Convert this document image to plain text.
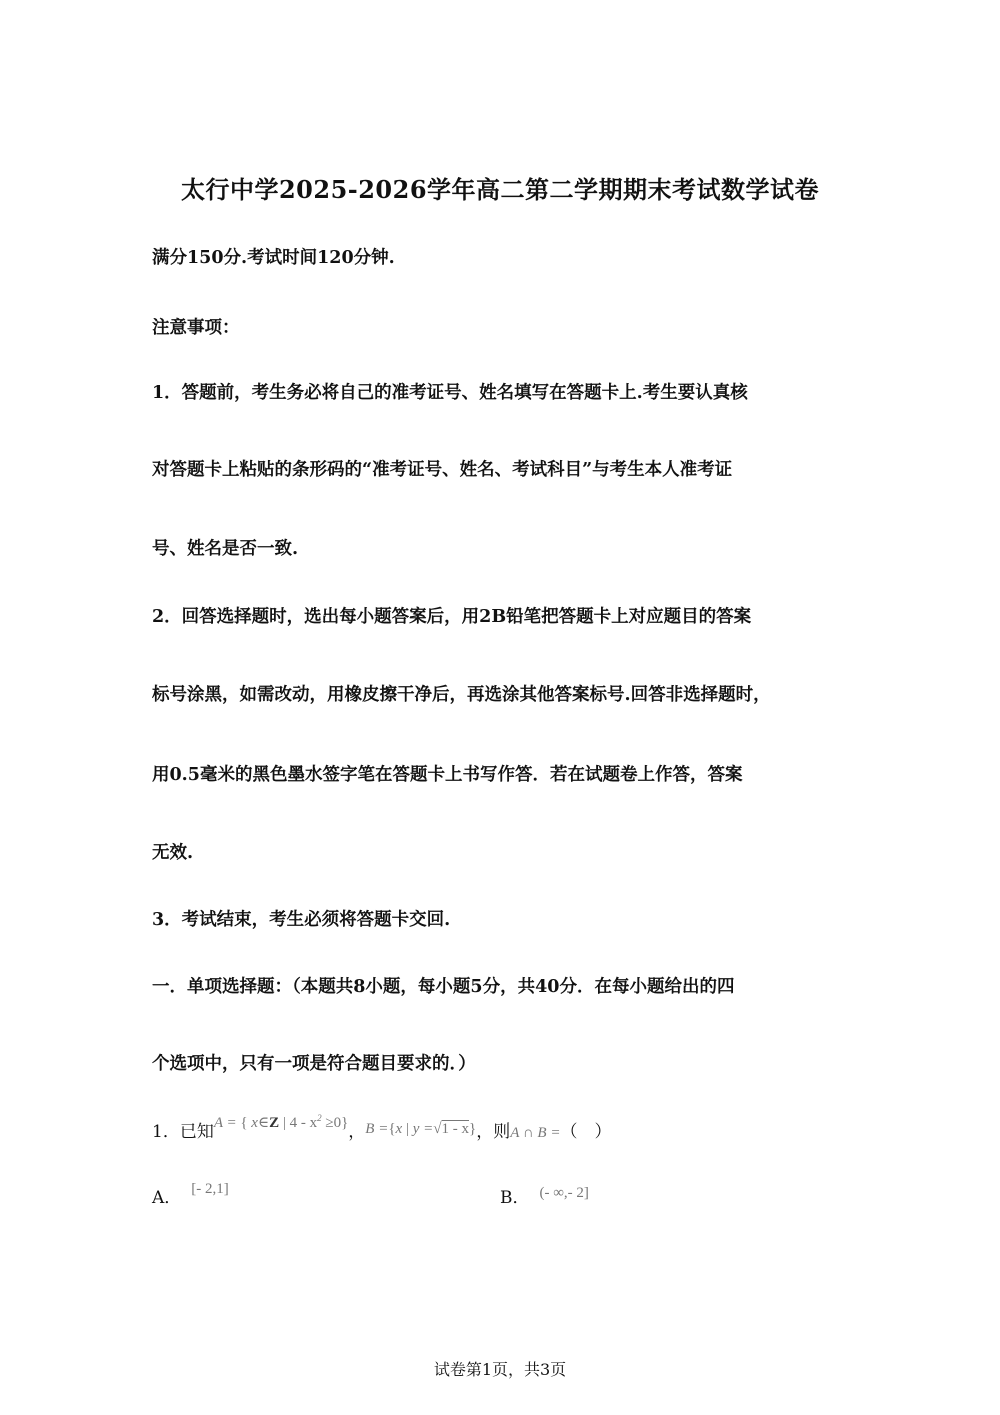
太行中学2025-2026学年高二第二学期期末考试数学试卷
满分150分.考试时间120分钟.
注意事项：
1．答题前，考生务必将自己的准考证号、姓名填写在答题卡上.考生要认真核
对答题卡上粘贴的条形码的“准考证号、姓名、考试科目”与考生本人准考证
号、姓名是否一致.
2．回答选择题时，选出每小题答案后，用2B铅笔把答题卡上对应题目的答案
标号涂黑，如需改动，用橡皮擦干净后，再选涂其他答案标号.回答非选择题时，
用0.5毫米的黑色墨水签字笔在答题卡上书写作答．若在试题卷上作答，答案
无效.
3．考试结束，考生必须将答题卡交回.
一．单项选择题：（本题共8小题，每小题5分，共40分．在每小题给出的四
个选项中，只有一项是符合题目要求的．）
1．已知A = { x∈Z | $4 - x^2 \ge 0$}，B ={x | y =√1 - x}，则A ∩ B =（　）
A． [- 2,1]	B． (- ∞,- 2]
试卷第1页，共3页
